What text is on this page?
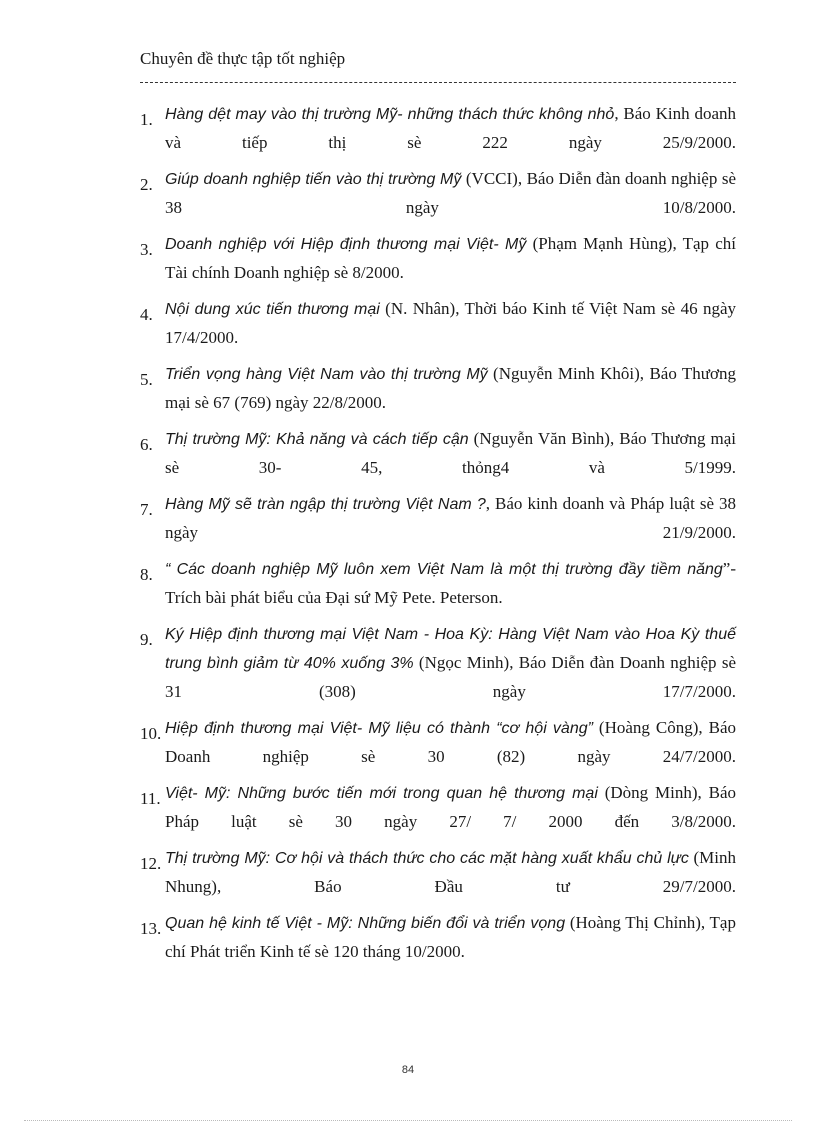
Chuyên đề thực tập tốt nghiệp
1. Hàng dệt may vào thị trường Mỹ- những thách thức không nhỏ, Báo Kinh doanh và tiếp thị sè 222 ngày 25/9/2000.
2. Giúp doanh nghiệp tiến vào thị trường Mỹ (VCCI), Báo Diễn đàn doanh nghiệp sè 38 ngày 10/8/2000.
3. Doanh nghiệp với Hiệp định thương mại Việt- Mỹ (Phạm Mạnh Hùng), Tạp chí Tài chính Doanh nghiệp sè 8/2000.
4. Nội dung xúc tiến thương mại (N. Nhân), Thời báo Kinh tế Việt Nam sè 46 ngày 17/4/2000.
5. Triển vọng hàng Việt Nam vào thị trường Mỹ (Nguyễn Minh Khôi), Báo Thương mại sè 67 (769) ngày 22/8/2000.
6. Thị trường Mỹ: Khả năng và cách tiếp cận (Nguyễn Văn Bình), Báo Thương mại sè 30- 45, thỏng4 và 5/1999.
7. Hàng Mỹ sẽ tràn ngập thị trường Việt Nam ?, Báo kinh doanh và Pháp luật sè 38 ngày 21/9/2000.
8. “ Các doanh nghiệp Mỹ luôn xem Việt Nam là một thị trường đầy tiềm năng”- Trích bài phát biểu của Đại sứ Mỹ Pete. Peterson.
9. Ký Hiệp định thương mại Việt Nam - Hoa Kỳ: Hàng Việt Nam vào Hoa Kỳ thuế trung bình giảm từ 40% xuống 3% (Ngọc Minh), Báo Diễn đàn Doanh nghiệp sè 31 (308) ngày 17/7/2000.
10. Hiệp định thương mại Việt- Mỹ liệu có thành “cơ hội vàng” (Hoàng Công), Báo Doanh nghiệp sè 30 (82) ngày 24/7/2000.
11. Việt- Mỹ: Những bước tiến mới trong quan hệ thương mại (Dòng Minh), Báo Pháp luật sè 30 ngày 27/ 7/ 2000 đến 3/8/2000.
12. Thị trường Mỹ: Cơ hội và thách thức cho các mặt hàng xuất khẩu chủ lực (Minh Nhung), Báo Đầu tư 29/7/2000.
13. Quan hệ kinh tế Việt - Mỹ: Những biến đổi và triển vọng (Hoàng Thị Chỉnh), Tạp chí Phát triển Kinh tế sè 120 tháng 10/2000.
84
